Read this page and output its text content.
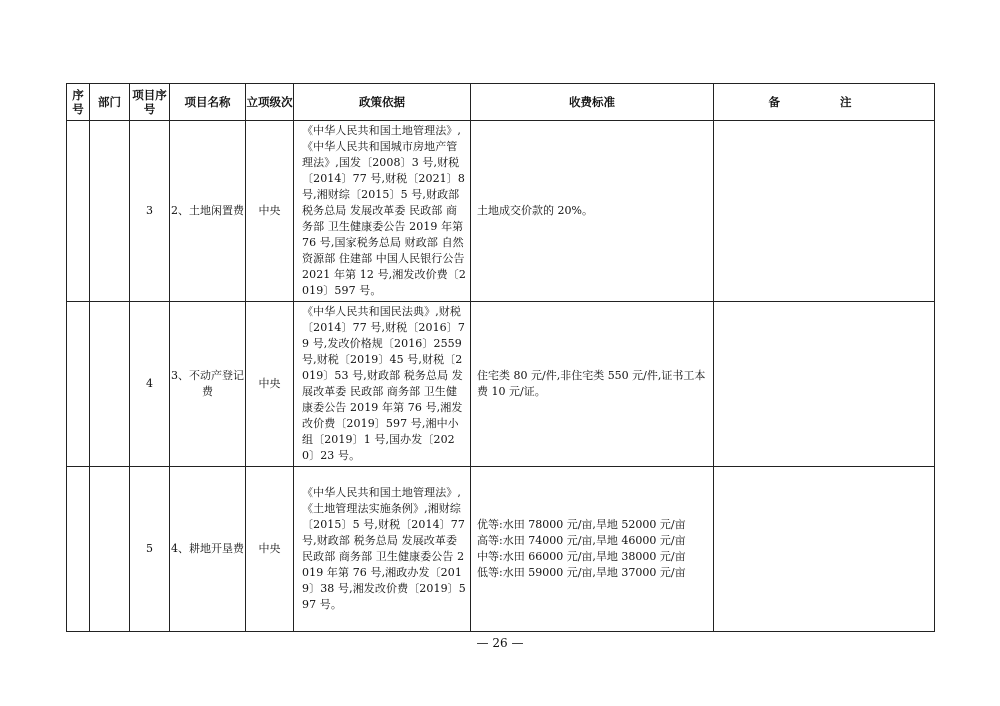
序号	部门	项目序号	项目名称	立项级次	政策依据	收费标准	备 注
		3	2、土地闲置费	中央	《中华人民共和国土地管理法》,《中华人民共和国城市房地产管理法》,国发〔2008〕3 号,财税〔2014〕77 号,财税〔2021〕8 号,湘财综〔2015〕5 号,财政部 税务总局 发展改革委 民政部 商务部 卫生健康委公告 2019 年第 76 号,国家税务总局 财政部 自然资源部 住建部 中国人民银行公告 2021 年第 12 号,湘发改价费〔2019〕597 号。	土地成交价款的 20%。	

		4	3、不动产登记费	中央	《中华人民共和国民法典》,财税〔2014〕77 号,财税〔2016〕79 号,发改价格规〔2016〕2559 号,财税〔2019〕45 号,财税〔2019〕53 号,财政部 税务总局 发展改革委 民政部 商务部 卫生健康委公告 2019 年第 76 号,湘发改价费〔2019〕597 号,湘中小组〔2019〕1 号,国办发〔2020〕23 号。	住宅类 80 元/件,非住宅类 550 元/件,证书工本费 10 元/证。	
		5	4、耕地开垦费	中央	《中华人民共和国土地管理法》,《土地管理法实施条例》,湘财综〔2015〕5 号,财税〔2014〕77 号,财政部 税务总局 发展改革委 民政部 商务部 卫生健康委公告 2019 年第 76 号,湘政办发〔2019〕38 号,湘发改价费〔2019〕597 号。	优等:水田 78000 元/亩,旱地 52000 元/亩
高等:水田 74000 元/亩,旱地 46000 元/亩
中等:水田 66000 元/亩,旱地 38000 元/亩
低等:水田 59000 元/亩,旱地 37000 元/亩	

— 26 —
